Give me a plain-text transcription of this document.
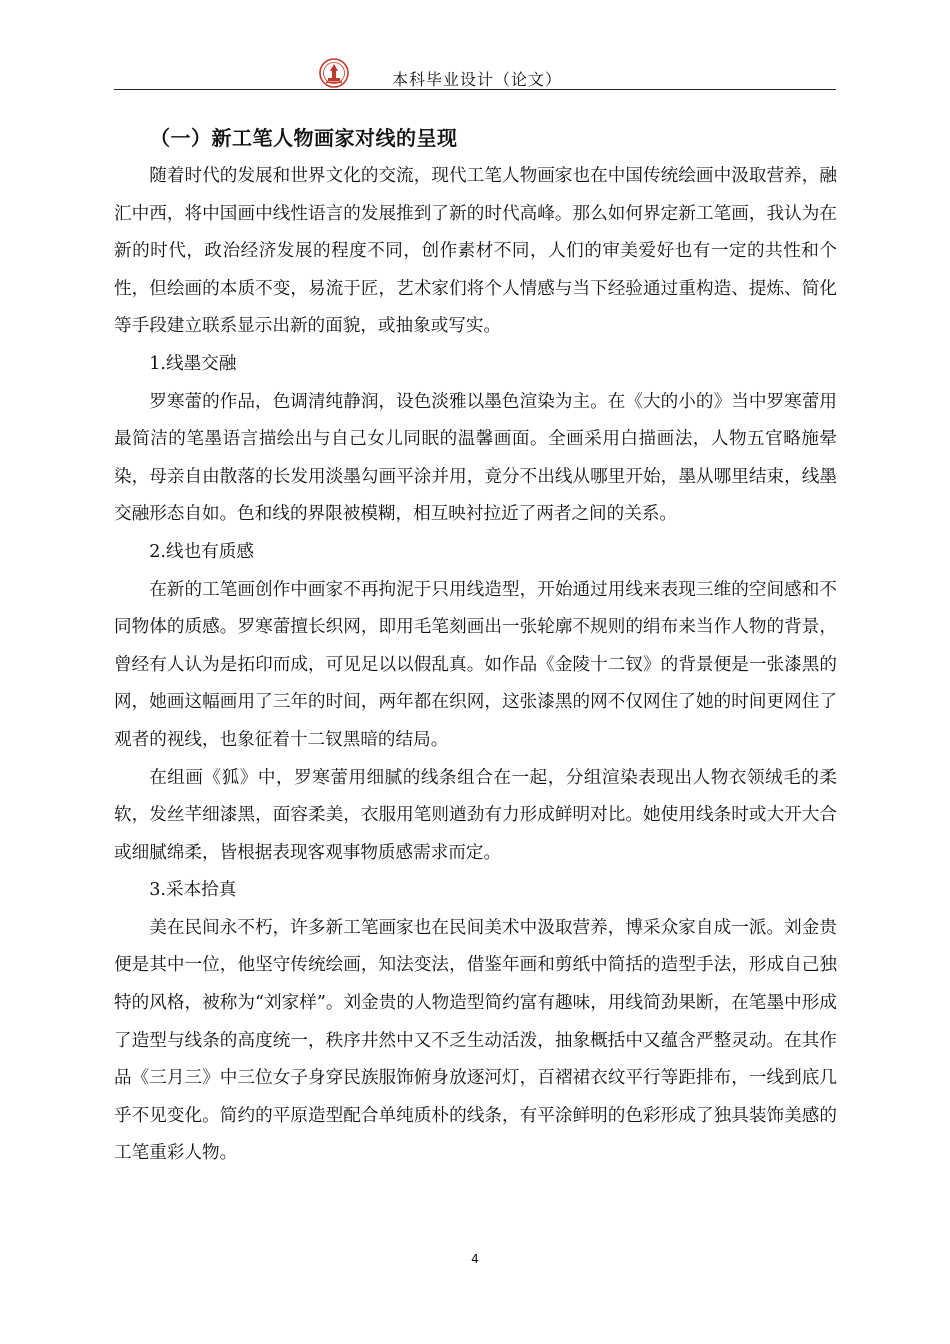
本科毕业设计（论文）
（一）新工笔人物画家对线的呈现

随着时代的发展和世界文化的交流，现代工笔人物画家也在中国传统绘画中汲取营养，融汇中西，将中国画中线性语言的发展推到了新的时代高峰。那么如何界定新工笔画，我认为在新的时代，政治经济发展的程度不同，创作素材不同，人们的审美爱好也有一定的共性和个性，但绘画的本质不变，易流于匠，艺术家们将个人情感与当下经验通过重构造、提炼、简化等手段建立联系显示出新的面貌，或抽象或写实。

1.线墨交融

罗寒蕾的作品，色调清纯静润，设色淡雅以墨色渲染为主。在《大的小的》当中罗寒蕾用最简洁的笔墨语言描绘出与自己女儿同眠的温馨画面。全画采用白描画法，人物五官略施晕染，母亲自由散落的长发用淡墨勾画平涂并用，竟分不出线从哪里开始，墨从哪里结束，线墨交融形态自如。色和线的界限被模糊，相互映衬拉近了两者之间的关系。

2.线也有质感

在新的工笔画创作中画家不再拘泥于只用线造型，开始通过用线来表现三维的空间感和不同物体的质感。罗寒蕾擅长织网，即用毛笔刻画出一张轮廓不规则的绢布来当作人物的背景，曾经有人认为是拓印而成，可见足以以假乱真。如作品《金陵十二钗》的背景便是一张漆黑的网，她画这幅画用了三年的时间，两年都在织网，这张漆黑的网不仅网住了她的时间更网住了观者的视线，也象征着十二钗黑暗的结局。

在组画《狐》中，罗寒蕾用细腻的线条组合在一起，分组渲染表现出人物衣领绒毛的柔软，发丝芊细漆黑，面容柔美，衣服用笔则遒劲有力形成鲜明对比。她使用线条时或大开大合或细腻绵柔，皆根据表现客观事物质感需求而定。

3.采本拾真

美在民间永不朽，许多新工笔画家也在民间美术中汲取营养，博采众家自成一派。刘金贵便是其中一位，他坚守传统绘画，知法变法，借鉴年画和剪纸中简括的造型手法，形成自己独特的风格，被称为“刘家样”。刘金贵的人物造型简约富有趣味，用线简劲果断，在笔墨中形成了造型与线条的高度统一，秩序井然中又不乏生动活泼，抽象概括中又蕴含严整灵动。在其作品《三月三》中三位女子身穿民族服饰俯身放逐河灯，百褶裙衣纹平行等距排布，一线到底几乎不见变化。简约的平原造型配合单纯质朴的线条，有平涂鲜明的色彩形成了独具装饰美感的工笔重彩人物。

4
